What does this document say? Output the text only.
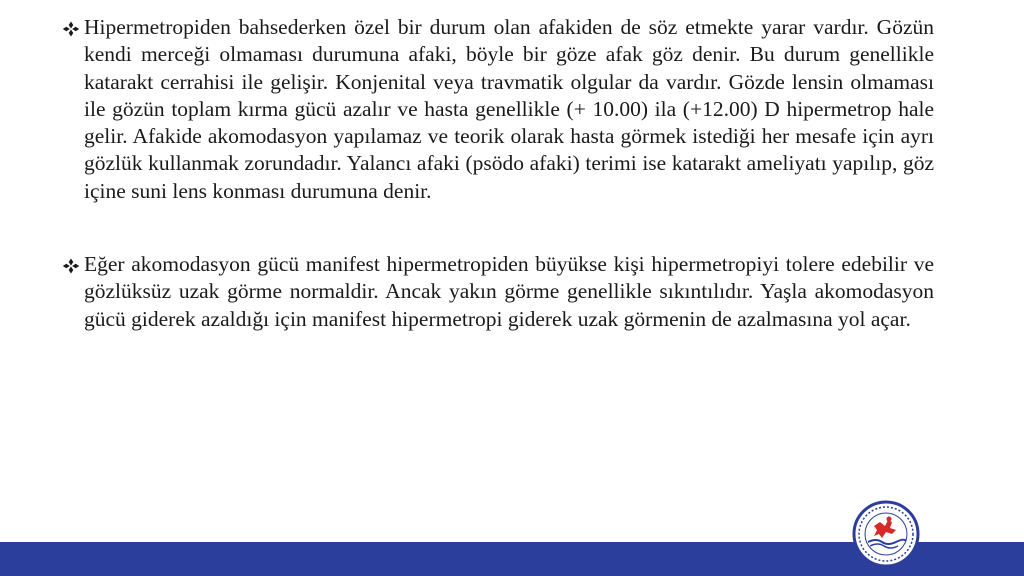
Hipermetropiden bahsederken özel bir durum olan afakiden de söz etmekte yarar vardır. Gözün kendi merceği olmaması durumuna afaki, böyle bir göze afak göz denir. Bu durum genellikle katarakt cerrahisi ile gelişir. Konjenital veya travmatik olgular da vardır. Gözde lensin olmaması ile gözün toplam kırma gücü azalır ve hasta genellikle (+ 10.00) ila (+12.00) D hipermetrop hale gelir. Afakide akomodasyon yapılamaz ve teorik olarak hasta görmek istediği her mesafe için ayrı gözlük kullanmak zorundadır. Yalancı afaki (psödo afaki) terimi ise katarakt ameliyatı yapılıp, göz içine suni lens konması durumuna denir.

Eğer akomodasyon gücü manifest hipermetropiden büyükse kişi hipermetropiyi tolere edebilir ve gözlüksüz uzak görme normaldir. Ancak yakın görme genellikle sıkıntılıdır. Yaşla akomodasyon gücü giderek azaldığı için manifest hipermetropi giderek uzak görmenin de azalmasına yol açar.
